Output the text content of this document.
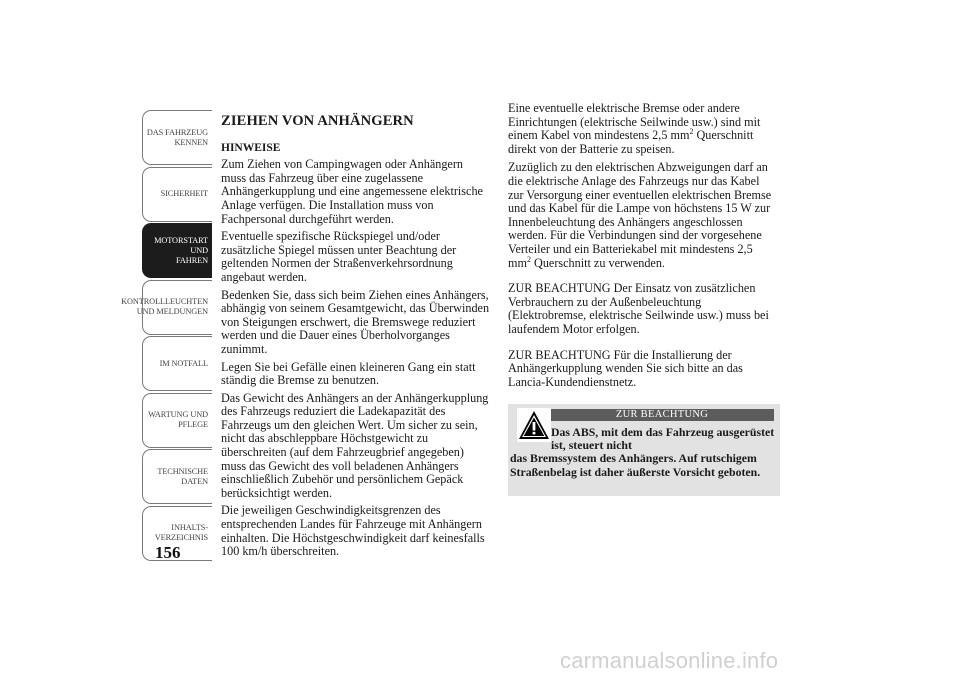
DAS FAHRZEUG
KENNEN
SICHERHEIT
MOTORSTART UND
FAHREN
KONTROLLLEUCHTEN
UND MELDUNGEN
IM NOTFALL
WARTUNG UND
PFLEGE
TECHNISCHE
DATEN
INHALTS-
VERZEICHNIS
156
ZIEHEN VON ANHÄNGERN
HINWEISE

Zum Ziehen von Campingwagen oder Anhängern muss das Fahrzeug über eine zugelassene Anhängerkupplung und eine angemessene elektrische Anlage verfügen. Die Installation muss von Fachpersonal durchgeführt werden.

Eventuelle spezifische Rückspiegel und/oder zusätzliche Spiegel müssen unter Beachtung der geltenden Normen der Straßenverkehrsordnung angebaut werden.

Bedenken Sie, dass sich beim Ziehen eines Anhängers, abhängig von seinem Gesamtgewicht, das Überwinden von Steigungen erschwert, die Bremswege reduziert werden und die Dauer eines Überholvorganges zunimmt.

Legen Sie bei Gefälle einen kleineren Gang ein statt ständig die Bremse zu benutzen.

Das Gewicht des Anhängers an der Anhängerkupplung des Fahrzeugs reduziert die Ladekapazität des Fahrzeugs um den gleichen Wert. Um sicher zu sein, nicht das abschleppbare Höchstgewicht zu überschreiten (auf dem Fahrzeugbrief angegeben) muss das Gewicht des voll beladenen Anhängers einschließlich Zubehör und persönlichem Gepäck berücksichtigt werden.

Die jeweiligen Geschwindigkeitsgrenzen des entsprechenden Landes für Fahrzeuge mit Anhängern einhalten. Die Höchstgeschwindigkeit darf keinesfalls 100 km/h überschreiten.

Eine eventuelle elektrische Bremse oder andere Einrichtungen (elektrische Seilwinde usw.) sind mit einem Kabel von mindestens 2,5 $mm^2$ Querschnitt direkt von der Batterie zu speisen.

Zuzüglich zu den elektrischen Abzweigungen darf an die elektrische Anlage des Fahrzeugs nur das Kabel zur Versorgung einer eventuellen elektrischen Bremse und das Kabel für die Lampe von höchstens 15 W zur Innenbeleuchtung des Anhängers angeschlossen werden. Für die Verbindungen sind der vorgesehene Verteiler und ein Batteriekabel mit mindestens 2,5 $mm^2$ Querschnitt zu verwenden.

ZUR BEACHTUNG Der Einsatz von zusätzlichen Verbrauchern zu der Außenbeleuchtung (Elektrobremse, elektrische Seilwinde usw.) muss bei laufendem Motor erfolgen.

ZUR BEACHTUNG Für die Installierung der Anhängerkupplung wenden Sie sich bitte an das Lancia-Kundendienstnetz.

ZUR BEACHTUNG
Das ABS, mit dem das Fahrzeug ausgerüstet ist, steuert nicht
das Bremssystem des Anhängers. Auf rutschigem Straßenbelag ist daher äußerste Vorsicht geboten.
carmanualsonline.info
